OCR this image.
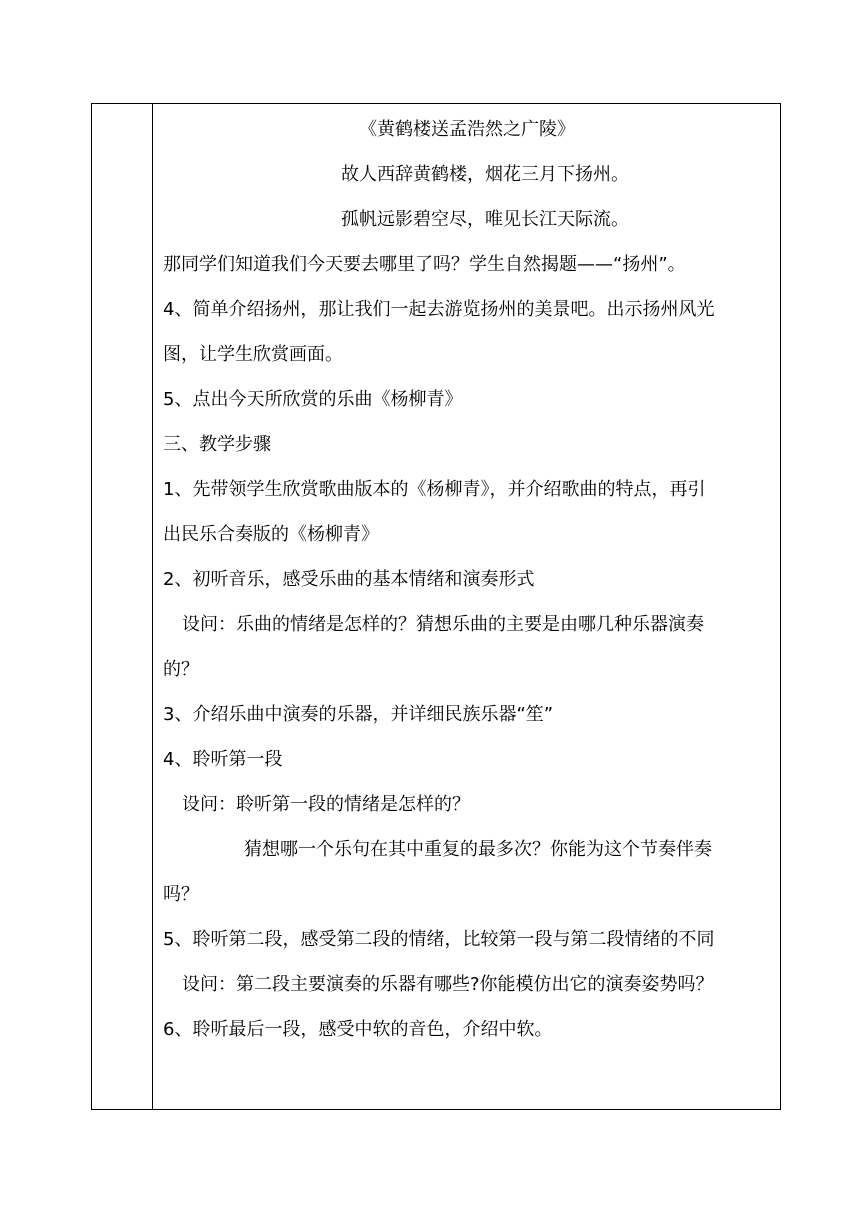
《黄鹤楼送孟浩然之广陵》
故人西辞黄鹤楼，烟花三月下扬州。
孤帆远影碧空尽，唯见长江天际流。
那同学们知道我们今天要去哪里了吗？学生自然揭题——“扬州”。
4、简单介绍扬州，那让我们一起去游览扬州的美景吧。出示扬州风光
图，让学生欣赏画面。
5、点出今天所欣赏的乐曲《杨柳青》
三、教学步骤
1、先带领学生欣赏歌曲版本的《杨柳青》，并介绍歌曲的特点，再引
出民乐合奏版的《杨柳青》
2、初听音乐，感受乐曲的基本情绪和演奏形式
设问：乐曲的情绪是怎样的？猜想乐曲的主要是由哪几种乐器演奏
的？
3、介绍乐曲中演奏的乐器，并详细民族乐器“笙”
4、聆听第一段
设问：聆听第一段的情绪是怎样的？
猜想哪一个乐句在其中重复的最多次？你能为这个节奏伴奏
吗？
5、聆听第二段，感受第二段的情绪，比较第一段与第二段情绪的不同
设问：第二段主要演奏的乐器有哪些?你能模仿出它的演奏姿势吗？
6、聆听最后一段，感受中软的音色，介绍中软。
